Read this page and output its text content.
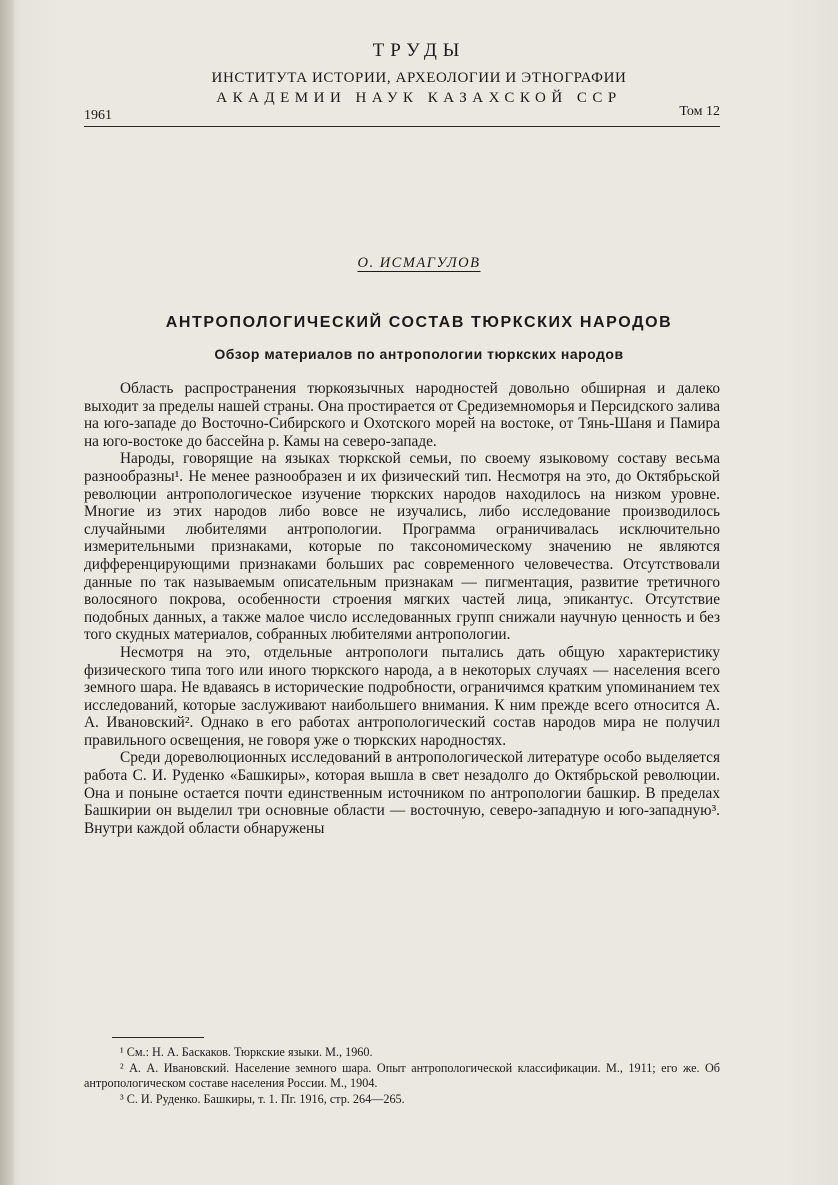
ТРУДЫ
ИНСТИТУТА ИСТОРИИ, АРХЕОЛОГИИ И ЭТНОГРАФИИ
АКАДЕМИИ НАУК КАЗАХСКОЙ ССР
1961	Том 12
О. ИСМАГУЛОВ
АНТРОПОЛОГИЧЕСКИЙ СОСТАВ ТЮРКСКИХ НАРОДОВ
Обзор материалов по антропологии тюркских народов

Область распространения тюркоязычных народностей довольно обширная и далеко выходит за пределы нашей страны. Она простирается от Средиземноморья и Персидского залива на юго-западе до Восточно-Сибирского и Охотского морей на востоке, от Тянь-Шаня и Памира на юго-востоке до бассейна р. Камы на северо-западе.

Народы, говорящие на языках тюркской семьи, по своему языковому составу весьма разнообразны¹. Не менее разнообразен и их физический тип. Несмотря на это, до Октябрьской революции антропологическое изучение тюркских народов находилось на низком уровне. Многие из этих народов либо вовсе не изучались, либо исследование производилось случайными любителями антропологии. Программа ограничивалась исключительно измерительными признаками, которые по таксономическому значению не являются дифференцирующими признаками больших рас современного человечества. Отсутствовали данные по так называемым описательным признакам — пигментация, развитие третичного волосяного покрова, особенности строения мягких частей лица, эпикантус. Отсутствие подобных данных, а также малое число исследованных групп снижали научную ценность и без того скудных материалов, собранных любителями антропологии.

Несмотря на это, отдельные антропологи пытались дать общую характеристику физического типа того или иного тюркского народа, а в некоторых случаях — населения всего земного шара. Не вдаваясь в исторические подробности, ограничимся кратким упоминанием тех исследований, которые заслуживают наибольшего внимания. К ним прежде всего относится А. А. Ивановский². Однако в его работах антропологический состав народов мира не получил правильного освещения, не говоря уже о тюркских народностях.

Среди дореволюционных исследований в антропологической литературе особо выделяется работа С. И. Руденко «Башкиры», которая вышла в свет незадолго до Октябрьской революции. Она и поныне остается почти единственным источником по антропологии башкир. В пределах Башкирии он выделил три основные области — восточную, северо-западную и юго-западную³. Внутри каждой области обнаружены

¹ См.: Н. А. Баскаков. Тюркские языки. М., 1960.

² А. А. Ивановский. Население земного шара. Опыт антропологической классификации. М., 1911; его же. Об антропологическом составе населения России. М., 1904.

³ С. И. Руденко. Башкиры, т. 1. Пг. 1916, стр. 264—265.
